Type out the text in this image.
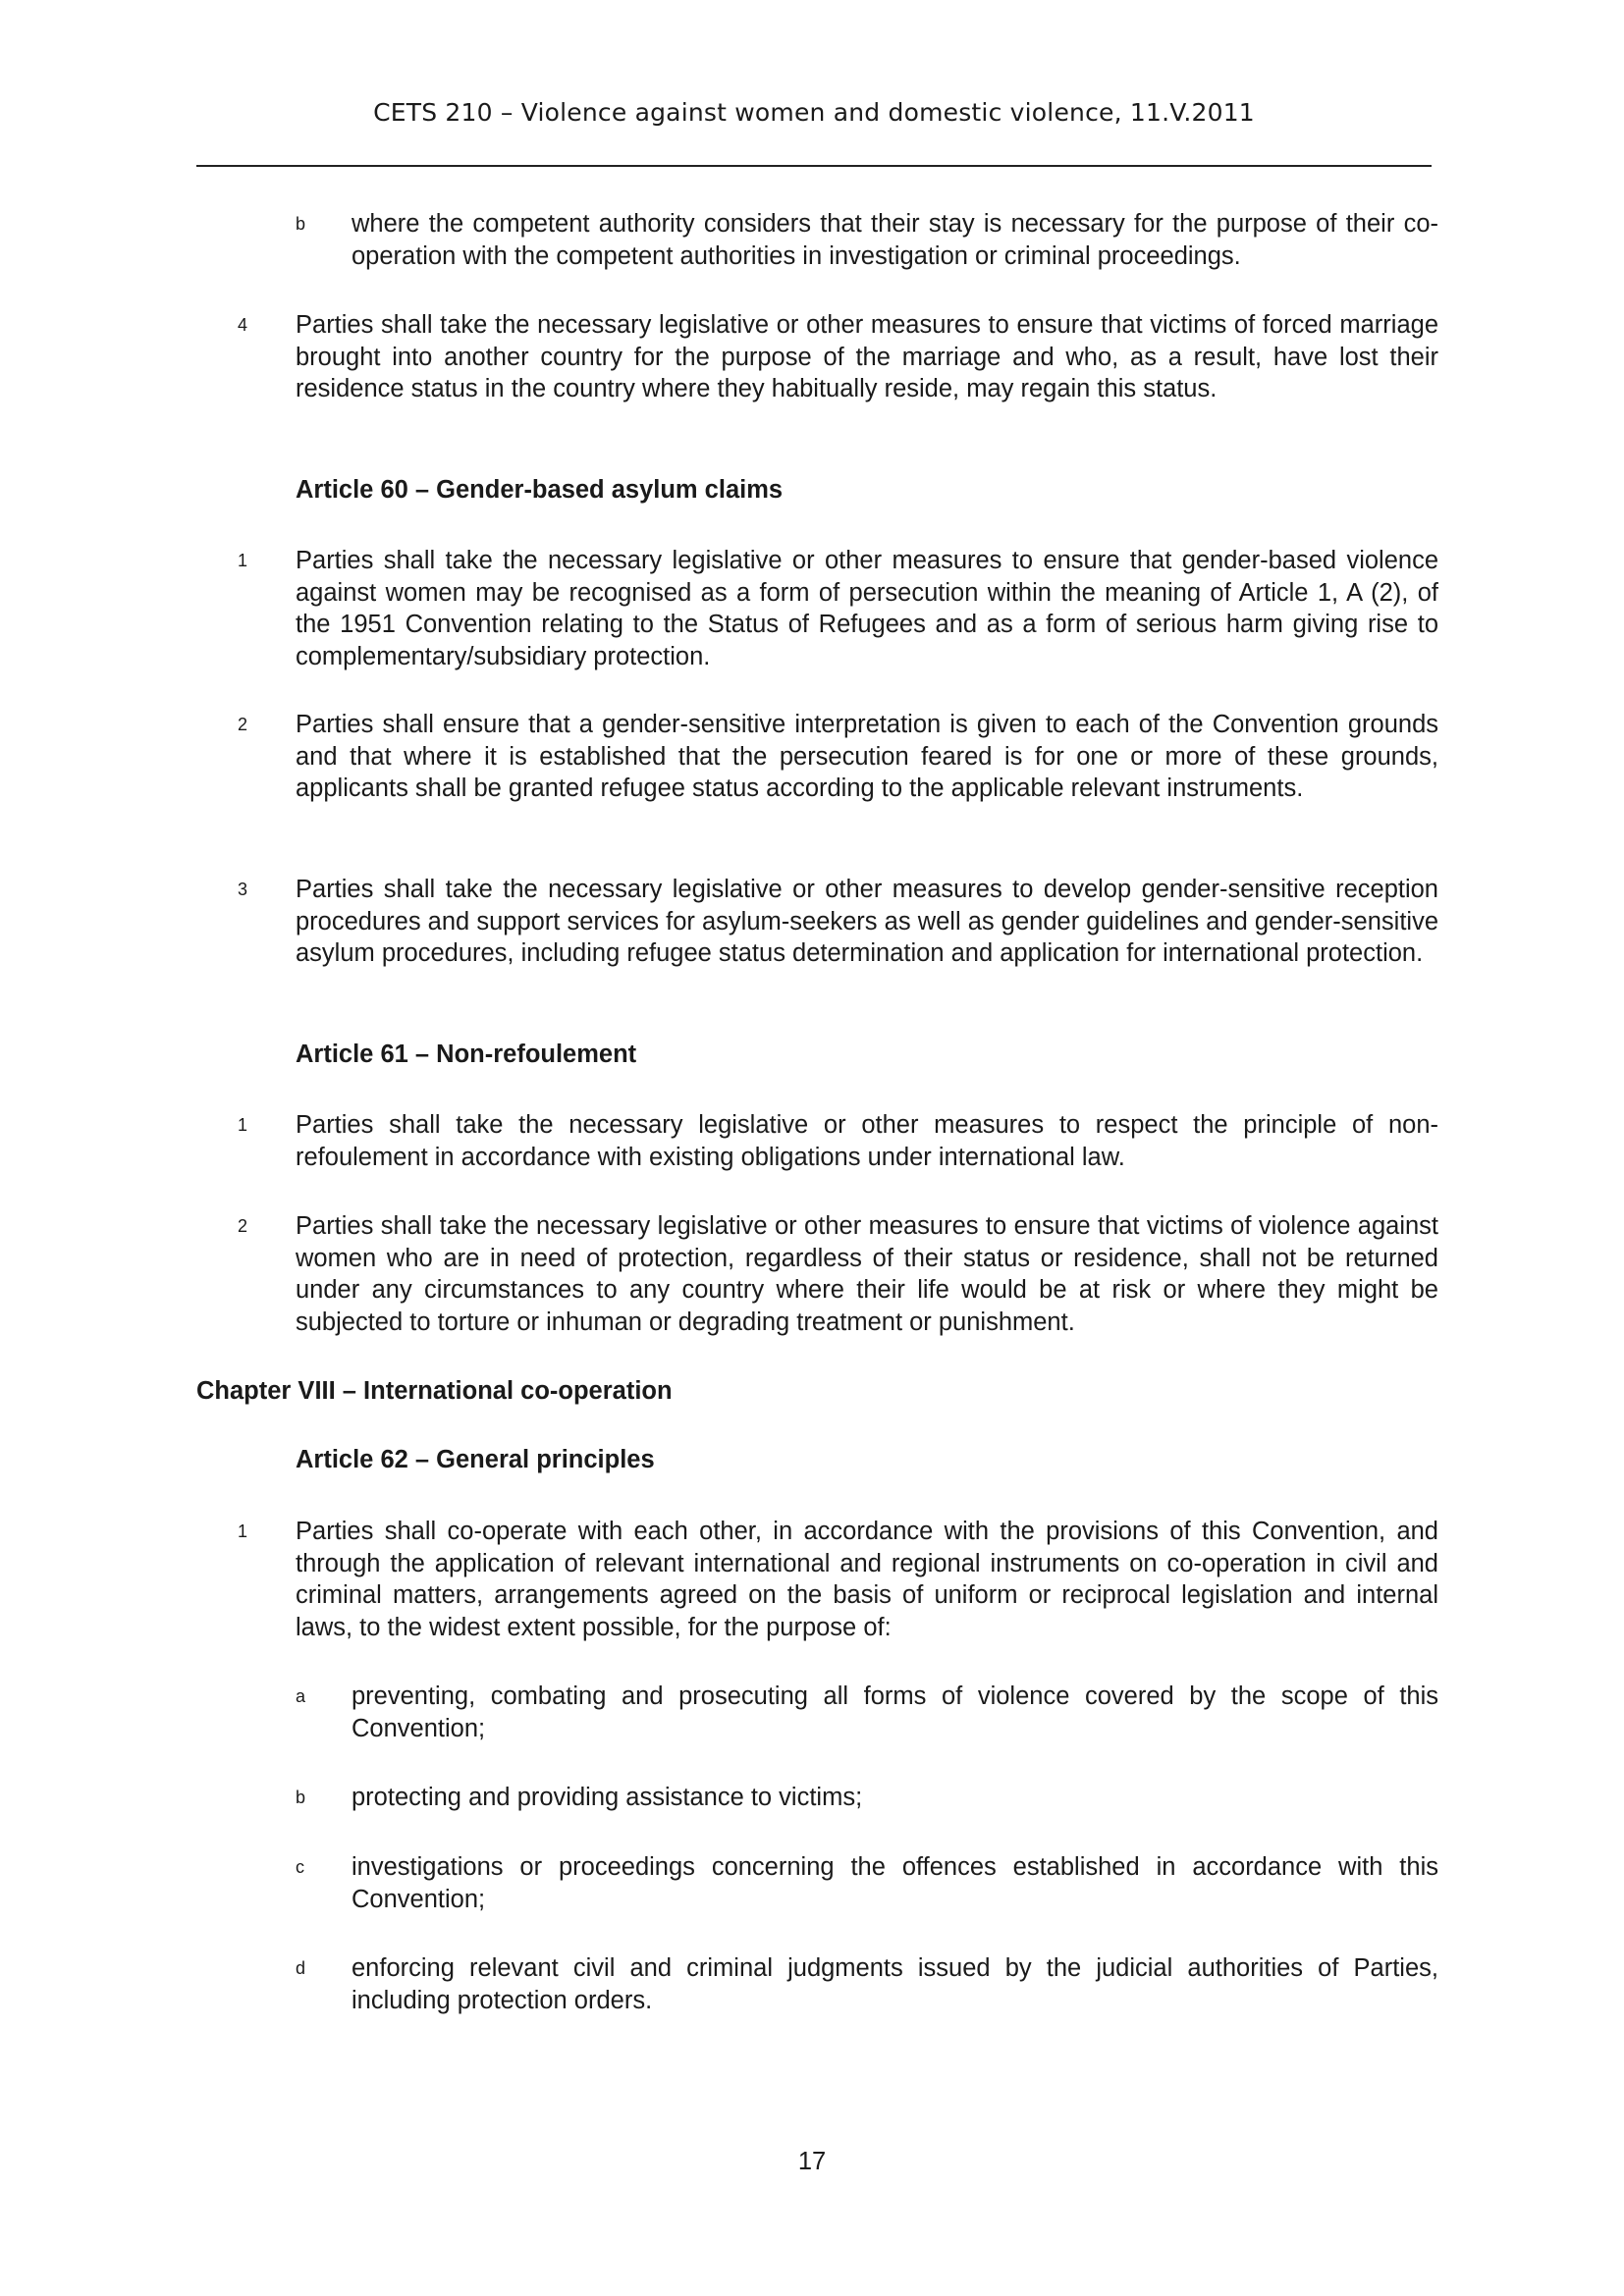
CETS 210 – Violence against women and domestic violence, 11.V.2011
b where the competent authority considers that their stay is necessary for the purpose of their co-operation with the competent authorities in investigation or criminal proceedings.
4 Parties shall take the necessary legislative or other measures to ensure that victims of forced marriage brought into another country for the purpose of the marriage and who, as a result, have lost their residence status in the country where they habitually reside, may regain this status.
Article 60 – Gender-based asylum claims
1 Parties shall take the necessary legislative or other measures to ensure that gender-based violence against women may be recognised as a form of persecution within the meaning of Article 1, A (2), of the 1951 Convention relating to the Status of Refugees and as a form of serious harm giving rise to complementary/subsidiary protection.
2 Parties shall ensure that a gender-sensitive interpretation is given to each of the Convention grounds and that where it is established that the persecution feared is for one or more of these grounds, applicants shall be granted refugee status according to the applicable relevant instruments.
3 Parties shall take the necessary legislative or other measures to develop gender-sensitive reception procedures and support services for asylum-seekers as well as gender guidelines and gender-sensitive asylum procedures, including refugee status determination and application for international protection.
Article 61 – Non-refoulement
1 Parties shall take the necessary legislative or other measures to respect the principle of non-refoulement in accordance with existing obligations under international law.
2 Parties shall take the necessary legislative or other measures to ensure that victims of violence against women who are in need of protection, regardless of their status or residence, shall not be returned under any circumstances to any country where their life would be at risk or where they might be subjected to torture or inhuman or degrading treatment or punishment.
Chapter VIII – International co-operation
Article 62 – General principles
1 Parties shall co-operate with each other, in accordance with the provisions of this Convention, and through the application of relevant international and regional instruments on co-operation in civil and criminal matters, arrangements agreed on the basis of uniform or reciprocal legislation and internal laws, to the widest extent possible, for the purpose of:
a preventing, combating and prosecuting all forms of violence covered by the scope of this Convention;
b protecting and providing assistance to victims;
c investigations or proceedings concerning the offences established in accordance with this Convention;
d enforcing relevant civil and criminal judgments issued by the judicial authorities of Parties, including protection orders.
17
